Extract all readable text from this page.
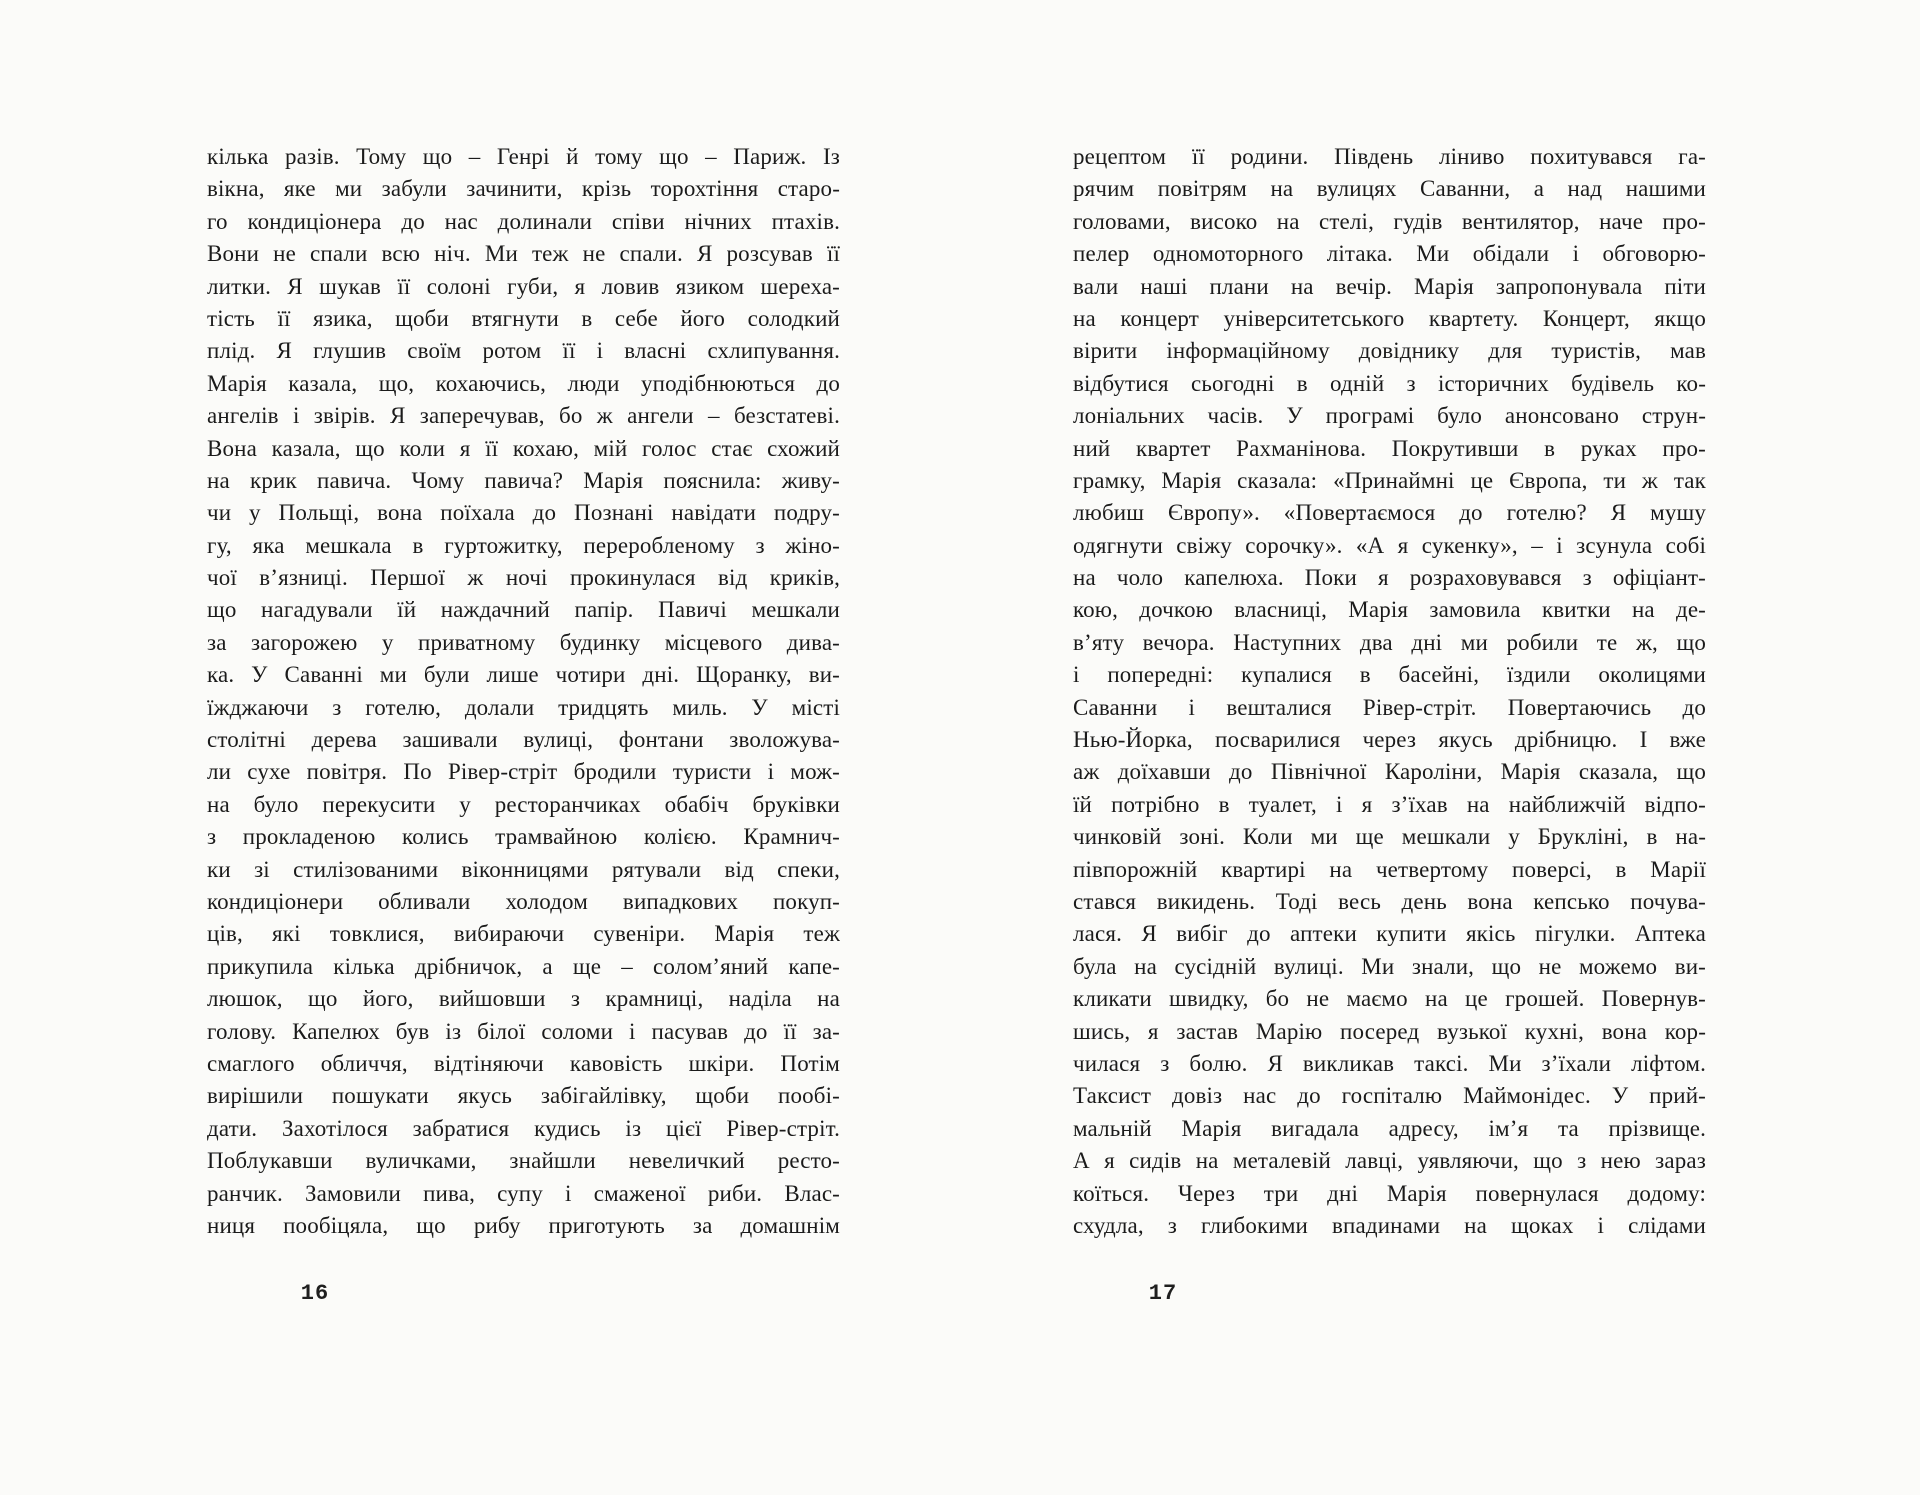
кілька разів. Тому що – Генрі й тому що – Париж. Із
вікна, яке ми забули зачинити, крізь торохтіння старо-
го кондиціонера до нас долинали співи нічних птахів.
Вони не спали всю ніч. Ми теж не спали. Я розсував її
литки. Я шукав її солоні губи, я ловив язиком шереха-
тість її язика, щоби втягнути в себе його солодкий
плід. Я глушив своїм ротом її і власні схлипування.
Марія казала, що, кохаючись, люди уподібнюються до
ангелів і звірів. Я заперечував, бо ж ангели – безстатеві.
Вона казала, що коли я її кохаю, мій голос стає схожий
на крик павича. Чому павича? Марія пояснила: живу-
чи у Польщі, вона поїхала до Познані навідати подру-
гу, яка мешкала в гуртожитку, переробленому з жіно-
чої в’язниці. Першої ж ночі прокинулася від криків,
що нагадували їй наждачний папір. Павичі мешкали
за загорожею у приватному будинку місцевого дива-
ка. У Саванні ми були лише чотири дні. Щоранку, ви-
їжджаючи з готелю, долали тридцять миль. У місті
столітні дерева зашивали вулиці, фонтани зволожува-
ли сухе повітря. По Рівер-стріт бродили туристи і мож-
на було перекусити у ресторанчиках обабіч бруківки
з прокладеною колись трамвайною колією. Крамнич-
ки зі стилізованими віконницями рятували від спеки,
кондиціонери обливали холодом випадкових покуп-
ців, які товклися, вибираючи сувеніри. Марія теж
прикупила кілька дрібничок, а ще – солом’яний капе-
люшок, що його, вийшовши з крамниці, наділа на
голову. Капелюх був із білої соломи і пасував до її за-
смаглого обличчя, відтіняючи кавовість шкіри. Потім
вирішили пошукати якусь забігайлівку, щоби пообі-
дати. Захотілося забратися кудись із цієї Рівер-стріт.
Поблукавши вуличками, знайшли невеличкий ресто-
ранчик. Замовили пива, супу і смаженої риби. Влас-
ниця пообіцяла, що рибу приготують за домашнім
16
рецептом її родини. Південь ліниво похитувався га-
рячим повітрям на вулицях Саванни, а над нашими
головами, високо на стелі, гудів вентилятор, наче про-
пелер одномоторного літака. Ми обідали і обговорю-
вали наші плани на вечір. Марія запропонувала піти
на концерт університетського квартету. Концерт, якщо
вірити інформаційному довіднику для туристів, мав
відбутися сьогодні в одній з історичних будівель ко-
лоніальних часів. У програмі було анонсовано струн-
ний квартет Рахманінова. Покрутивши в руках про-
грамку, Марія сказала: «Принаймні це Європа, ти ж так
любиш Європу». «Повертаємося до готелю? Я мушу
одягнути свіжу сорочку». «А я сукенку», – і зсунула собі
на чоло капелюха. Поки я розраховувався з офіціант-
кою, дочкою власниці, Марія замовила квитки на де-
в’яту вечора. Наступних два дні ми робили те ж, що
і попередні: купалися в басейні, їздили околицями
Саванни і вешталися Рівер-стріт. Повертаючись до
Нью-Йорка, посварилися через якусь дрібницю. І вже
аж доїхавши до Північної Кароліни, Марія сказала, що
їй потрібно в туалет, і я з’їхав на найближчій відпо-
чинковій зоні. Коли ми ще мешкали у Брукліні, в на-
півпорожній квартирі на четвертому поверсі, в Марії
стався викидень. Тоді весь день вона кепсько почува-
лася. Я вибіг до аптеки купити якісь пігулки. Аптека
була на сусідній вулиці. Ми знали, що не можемо ви-
кликати швидку, бо не маємо на це грошей. Повернув-
шись, я застав Марію посеред вузької кухні, вона кор-
чилася з болю. Я викликав таксі. Ми з’їхали ліфтом.
Таксист довіз нас до госпіталю Маймонідес. У прий-
мальній Марія вигадала адресу, ім’я та прізвище.
А я сидів на металевій лавці, уявляючи, що з нею зараз
коїться. Через три дні Марія повернулася додому:
схудла, з глибокими впадинами на щоках і слідами
17
